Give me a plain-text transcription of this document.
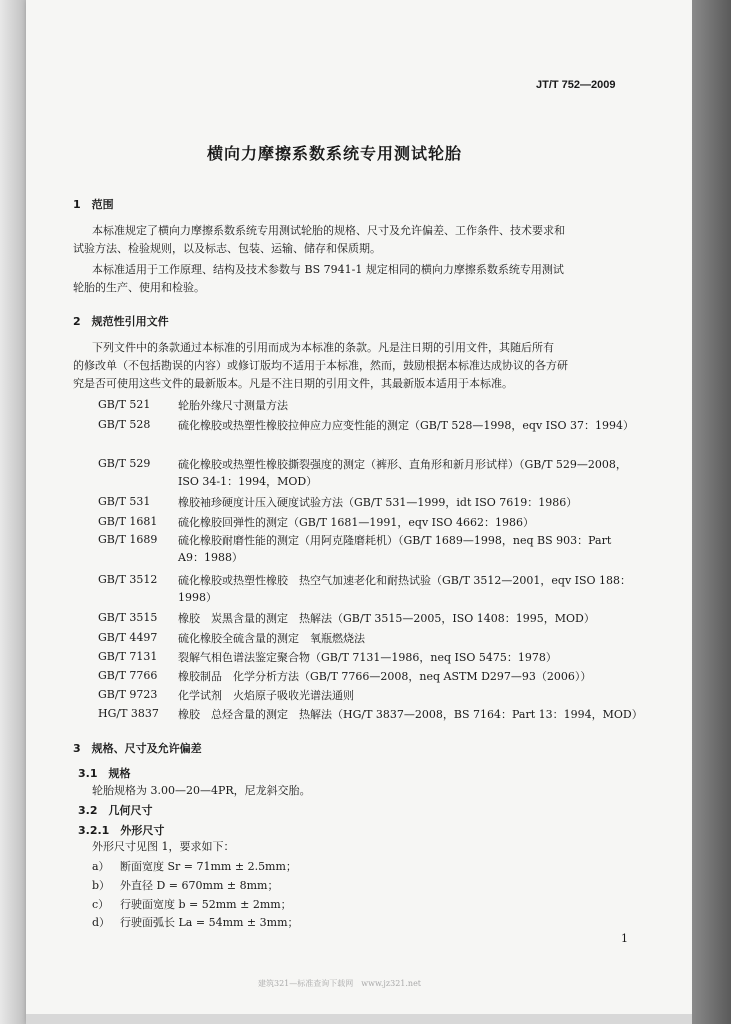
JT/T 752—2009
横向力摩擦系数系统专用测试轮胎
1　范围
本标准规定了横向力摩擦系数系统专用测试轮胎的规格、尺寸及允许偏差、工作条件、技术要求和
试验方法、检验规则，以及标志、包装、运输、储存和保质期。
本标准适用于工作原理、结构及技术参数与 BS 7941-1 规定相同的横向力摩擦系数系统专用测试
轮胎的生产、使用和检验。
2　规范性引用文件
下列文件中的条款通过本标准的引用而成为本标准的条款。凡是注日期的引用文件，其随后所有
的修改单（不包括勘误的内容）或修订版均不适用于本标准，然而，鼓励根据本标准达成协议的各方研
究是否可使用这些文件的最新版本。凡是不注日期的引用文件，其最新版本适用于本标准。
GB/T 521	轮胎外缘尺寸测量方法
GB/T 528	硫化橡胶或热塑性橡胶拉伸应力应变性能的测定（GB/T 528—1998，eqv ISO 37：1994）
GB/T 529	硫化橡胶或热塑性橡胶撕裂强度的测定（裤形、直角形和新月形试样）（GB/T 529—2008，ISO 34-1：1994，MOD）
GB/T 531	橡胶袖珍硬度计压入硬度试验方法（GB/T 531—1999，idt ISO 7619：1986）
GB/T 1681 硫化橡胶回弹性的测定（GB/T 1681—1991，eqv ISO 4662：1986）
GB/T 1689 硫化橡胶耐磨性能的测定（用阿克隆磨耗机）（GB/T 1689—1998，neq BS 903：Part A9：1988）
GB/T 3512 硫化橡胶或热塑性橡胶　热空气加速老化和耐热试验（GB/T 3512—2001，eqv ISO 188：1998）
GB/T 3515 橡胶　炭黑含量的测定　热解法（GB/T 3515—2005，ISO 1408：1995，MOD）
GB/T 4497 硫化橡胶全硫含量的测定　氧瓶燃烧法
GB/T 7131 裂解气相色谱法鉴定聚合物（GB/T 7131—1986，neq ISO 5475：1978）
GB/T 7766 橡胶制品　化学分析方法（GB/T 7766—2008，neq ASTM D297—93（2006））
GB/T 9723 化学试剂　火焰原子吸收光谱法通则
HG/T 3837 橡胶　总烃含量的测定　热解法（HG/T 3837—2008，BS 7164：Part 13：1994，MOD）
3　规格、尺寸及允许偏差
3.1　规格
轮胎规格为 3.00—20—4PR，尼龙斜交胎。
3.2　几何尺寸
3.2.1　外形尺寸
外形尺寸见图 1，要求如下：
a） 断面宽度 Sr = 71mm ± 2.5mm；
b） 外直径 D = 670mm ± 8mm；
c） 行驶面宽度 b = 52mm ± 2mm；
d） 行驶面弧长 La = 54mm ± 3mm；
1
建筑321—标准查询下载网　www.jz321.net
